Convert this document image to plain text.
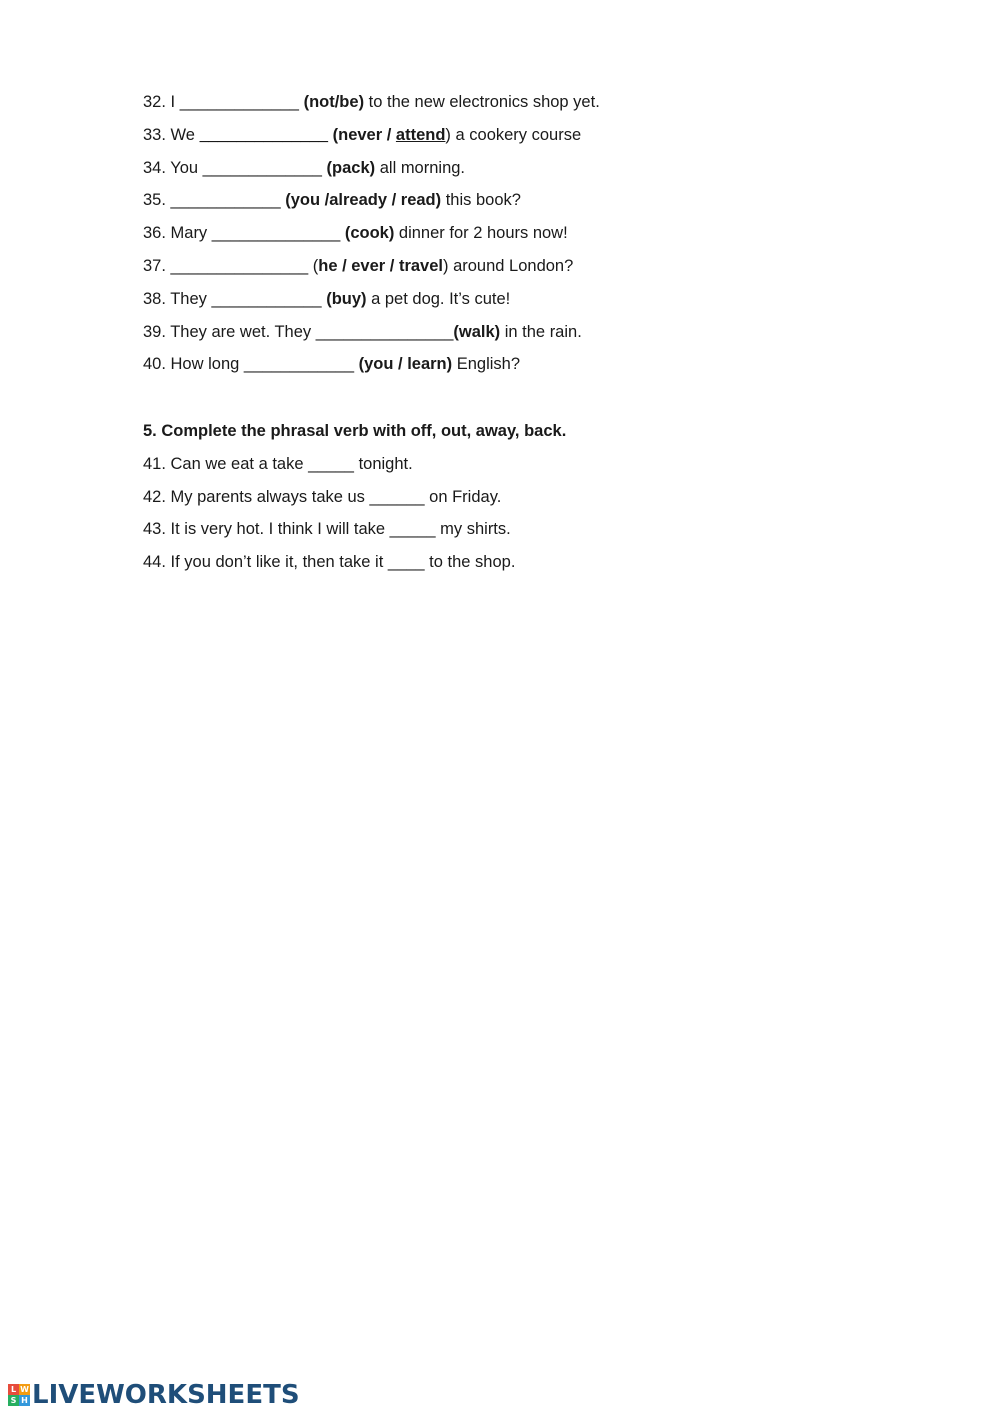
32. I _____________ (not/be) to the new electronics shop yet.
33. We ______________ (never / attend) a cookery course
34. You _____________ (pack) all morning.
35. ____________ (you /already / read) this book?
36. Mary ______________ (cook) dinner for 2 hours now!
37. _______________ (he / ever / travel) around London?
38. They ____________ (buy) a pet dog. It’s cute!
39. They are wet. They _______________(walk) in the rain.
40. How long ____________ (you / learn) English?
5. Complete the phrasal verb with off, out, away, back.
41. Can we eat a take _____ tonight.
42. My parents always take us ______ on Friday.
43. It is very hot. I think I will take _____ my shirts.
44. If you don’t like it, then take it ____ to the shop.
L W
S H LIVEWORKSHEETS
